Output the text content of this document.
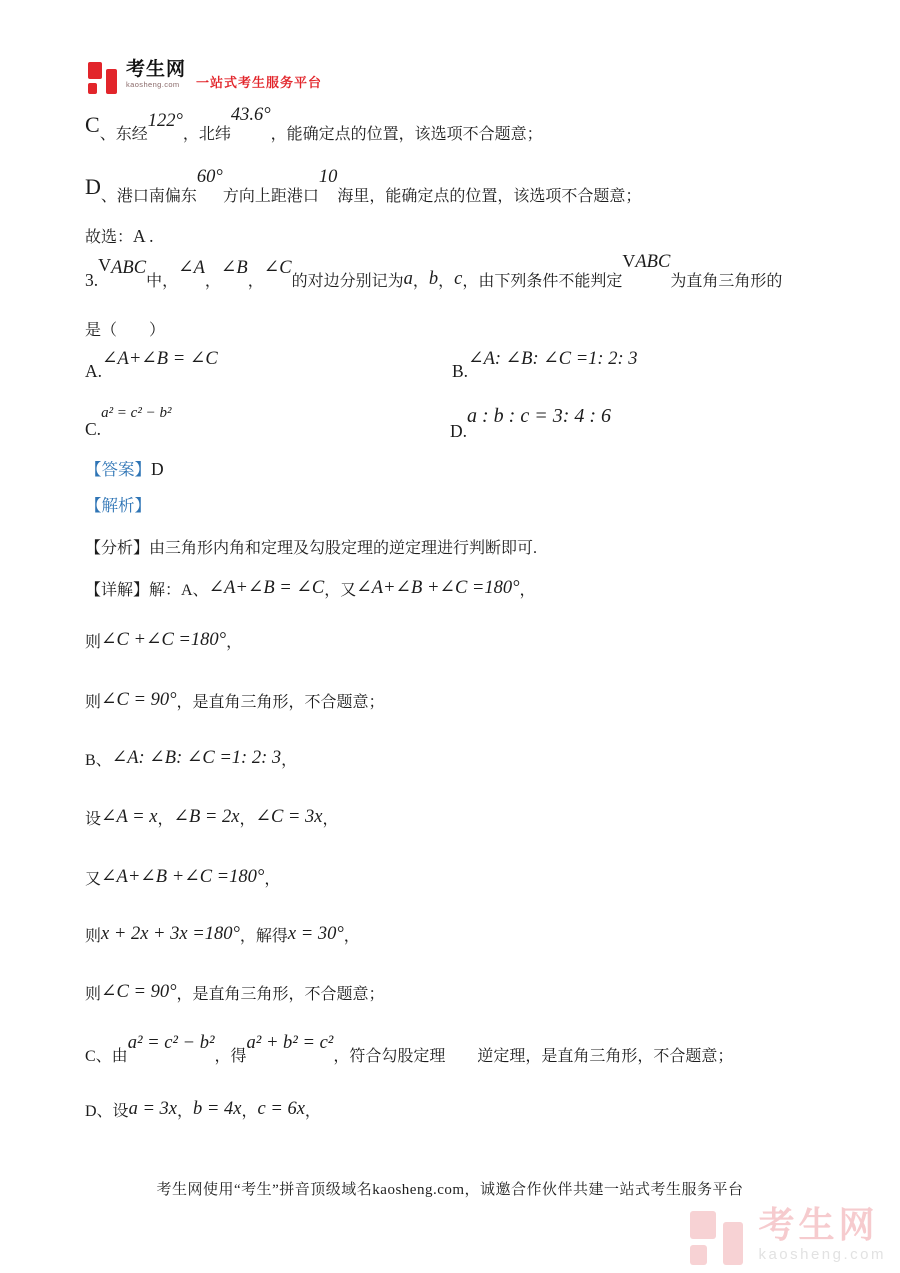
考生网
kaosheng.com	一站式考生服务平台
C、东经122°，北纬43.6°，能确定点的位置，该选项不合题意；
D、港口南偏东60°方向上距港口10海里，能确定点的位置，该选项不合题意；
故选：A .
3.VABC中，∠A，∠B，∠C的对边分别记为a，b，c，由下列条件不能判定VABC为直角三角形的
是（　　）
A.∠A+∠B = ∠C
B.∠A: ∠B: ∠C =1: 2: 3
C.a² = c² − b²
D.a : b : c = 3: 4 : 6
【答案】D
【解析】
【分析】由三角形内角和定理及勾股定理的逆定理进行判断即可.
【详解】解：A、∠A+∠B = ∠C，又∠A+∠B +∠C =180°，
则∠C +∠C =180°，
则∠C = 90°，是直角三角形，不合题意；
B、∠A: ∠B: ∠C =1: 2: 3，
设∠A = x，∠B = 2x，∠C = 3x，
又∠A+∠B +∠C =180°，
则x + 2x + 3x =180°，解得x = 30°，
则∠C = 90°，是直角三角形，不合题意；
C、由a² = c² − b²，得a² + b² = c²，符合勾股定理　　 逆定理，是直角三角形，不合题意；
D、设a = 3x，b = 4x，c = 6x，
考生网使用“考生”拼音顶级域名kaosheng.com，诚邀合作伙伴共建一站式考生服务平台
考生网
kaosheng.com
